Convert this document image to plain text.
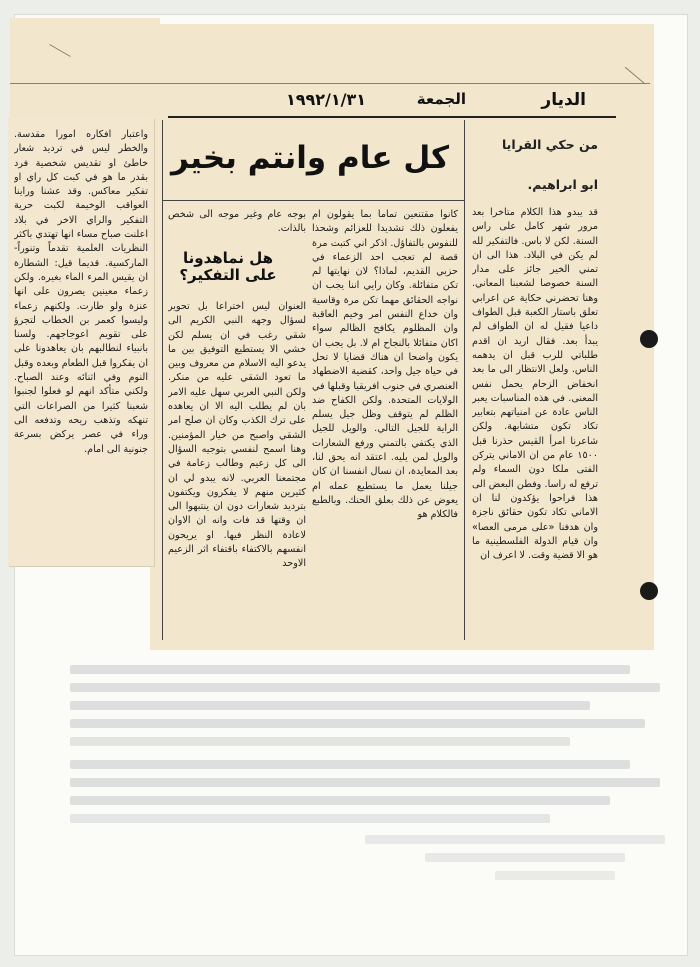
الديار
الجمعة
١٩٩٢/١/٣١
كل عام وانتم بخير	من حكي القرايا
ابو ابراهيم.

قد يبدو هذا الكلام متاخرا بعد مرور شهر كامل على راس السنة. لكن لا باس. فالتفكير لله لم يكن في البلاد. هذا الى ان تمني الخير جائز على مدار السنة خصوصا لشعبنا المعاني. وهنا تحضرني حكاية عن اعرابي تعلق باستار الكعبة قبل الطواف داعيا فقيل له ان الطواف لم يبدأ بعد. فقال اريد ان اقدم طلباتي للرب قبل ان يدهمه الناس. ولعل الانتظار الى ما بعد انخفاض الزحام يحمل نفس المعنى. في هذه المناسبات يعبر الناس عادة عن امنياتهم بتعابير تكاد تكون متشابهة. ولكن شاعرنا امرأ القيس حذرنا قبل ١٥٠٠ عام من ان الاماني يتركن الفتى ملكا دون السماء ولم ترفع له راسا. وفطن البعض الى هذا فراحوا يؤكدون لنا ان الاماني تكاد تكون حقائق ناجزة وان هدفنا «على مرمى العصا» وان قيام الدولة الفلسطينية ما هو الا قضية وقت. لا اعرف ان

كانوا مقتنعين تماما بما يقولون ام يفعلون ذلك تشديدا للعزائم وشحذا للنفوس بالتفاؤل. اذكر اني كتبت مرة قصة لم تعجب احد الزعماء في حزبي القديم، لماذا؟ لان نهايتها لم تكن متفائلة. وكان رايي اننا يجب ان نواجه الحقائق مهما تكن مرة وقاسية وان خداع النفس امر وخيم العاقبة وان المظلوم يكافح الظالم سواء اكان متفائلا بالنجاح ام لا. بل يجب ان يكون واضحا ان هناك قضايا لا تحل في حياة جيل واحد، كقضية الاضطهاد العنصري في جنوب افريقيا وقبلها في الولايات المتحدة. ولكن الكفاح ضد الظلم لم يتوقف وظل جيل يسلم الراية للجيل التالي. والويل للجيل الذي يكتفي بالتمني ورفع الشعارات والويل لمن يليه. اعتقد انه يحق لنا، بعد المعايدة، ان نسال انفسنا ان كان جيلنا يعمل ما يستطيع عمله ام يعوض عن ذلك بعلق الحنك. وبالطبع فالكلام هو

بوجه عام وغير موجه الى شخص بالذات.

هل نماهدونا على التفكير؟

العنوان ليس اختراعا بل تحوير لسؤال وجهه النبي الكريم الى شقي رغب في ان يسلم لكن خشي الا يستطيع التوفيق بين ما يدعو اليه الاسلام من معروف وبين ما تعود الشقي عليه من منكر. ولكن النبي العربي سهل عليه الامر بان لم يطلب اليه الا ان يعاهده على ترك الكذب وكان ان صلح امر الشقي واصبح من خيار المؤمنين. وهنا اسمح لنفسي بتوجيه السؤال الى كل زعيم وطالب زعامة في مجتمعنا العربي. لانه يبدو لي ان كثيرين منهم لا يفكرون ويكتفون بترديد شعارات دون ان ينتبهوا الى ان وقتها قد فات وانه ان الاوان لاعادة النظر فيها. او يريحون انفسهم بالاكتفاء باقتفاء اثر الزعيم الاوحد

واعتبار افكاره امورا مقدسة. والخطر ليس في ترديد شعار خاطئ او تقديس شخصية فرد بقدر ما هو في كبت كل راي او تفكير معاكس. وقد عشنا وراينا العواقب الوخيمة لكبت حرية التفكير والراي الاخر في بلاد اعلنت صباح مساء انها تهتدي باكثر النظريات العلمية تقدماً وتنوراً- الماركسية. قديما قيل: الشطارة ان يقيس المرء الماء بغيره. ولكن زعماء معينين يصرون على انها عنزة ولو طارت. ولكنهم زعماء وليسوا كعمر بن الخطاب لتجرؤ على تقويم اعوجاجهم. ولسنا بانبياء لنطالبهم بان يعاهدونا على ان يفكروا قبل الطعام وبعده وقبل النوم وفي اثنائه وعند الصباح. ولكني متأكد انهم لو فعلوا لجنبوا شعبنا كثيرا من الصراعات التي تنهكه وتذهب ريحه وتدفعه الى وراء في عصر يركض بسرعة جنونية الى امام.
